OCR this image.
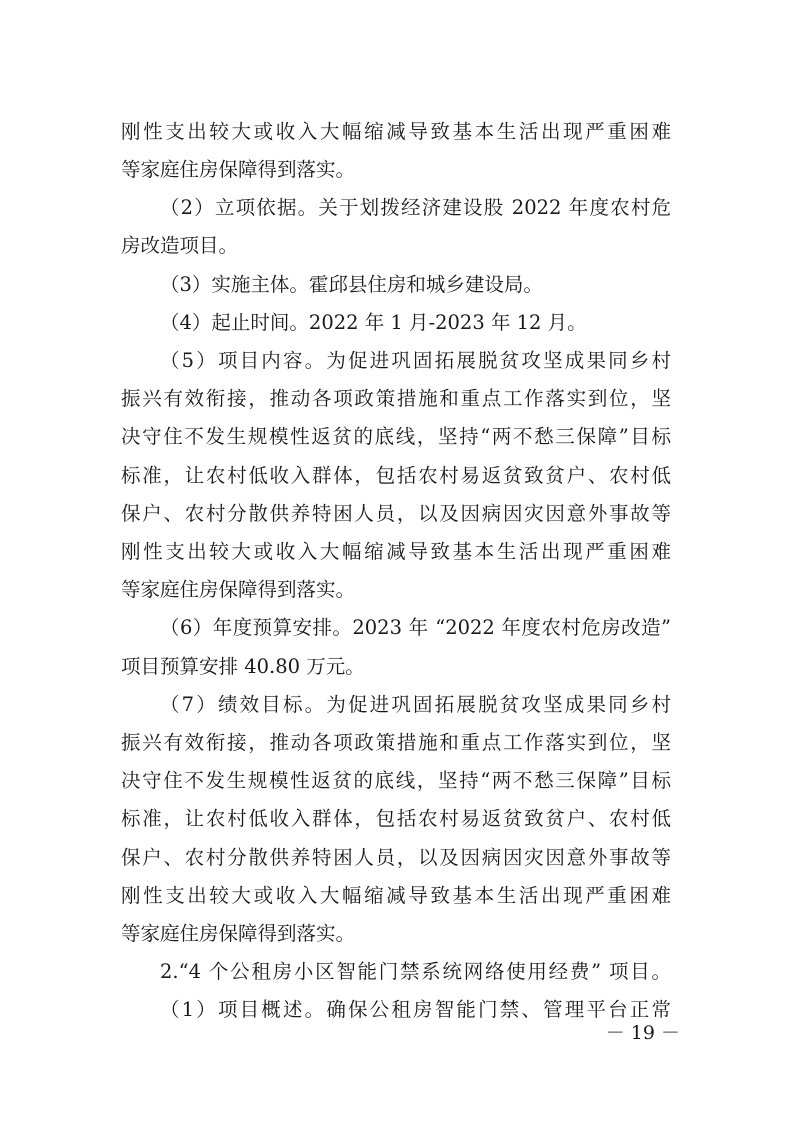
刚性支出较大或收入大幅缩减导致基本生活出现严重困难
等家庭住房保障得到落实。
（2）立项依据。关于划拨经济建设股 2022 年度农村危
房改造项目。
（3）实施主体。霍邱县住房和城乡建设局。
（4）起止时间。2022 年 1 月-2023 年 12 月。
（5）项目内容。为促进巩固拓展脱贫攻坚成果同乡村
振兴有效衔接，推动各项政策措施和重点工作落实到位，坚
决守住不发生规模性返贫的底线，坚持“两不愁三保障”目标
标准，让农村低收入群体，包括农村易返贫致贫户、农村低
保户、农村分散供养特困人员，以及因病因灾因意外事故等
刚性支出较大或收入大幅缩减导致基本生活出现严重困难
等家庭住房保障得到落实。
（6）年度预算安排。2023 年 “2022 年度农村危房改造”
项目预算安排 40.80 万元。
（7）绩效目标。为促进巩固拓展脱贫攻坚成果同乡村
振兴有效衔接，推动各项政策措施和重点工作落实到位，坚
决守住不发生规模性返贫的底线，坚持“两不愁三保障”目标
标准，让农村低收入群体，包括农村易返贫致贫户、农村低
保户、农村分散供养特困人员，以及因病因灾因意外事故等
刚性支出较大或收入大幅缩减导致基本生活出现严重困难
等家庭住房保障得到落实。
2.“4 个公租房小区智能门禁系统网络使用经费” 项目。
（1）项目概述。确保公租房智能门禁、管理平台正常
－ 19 －
